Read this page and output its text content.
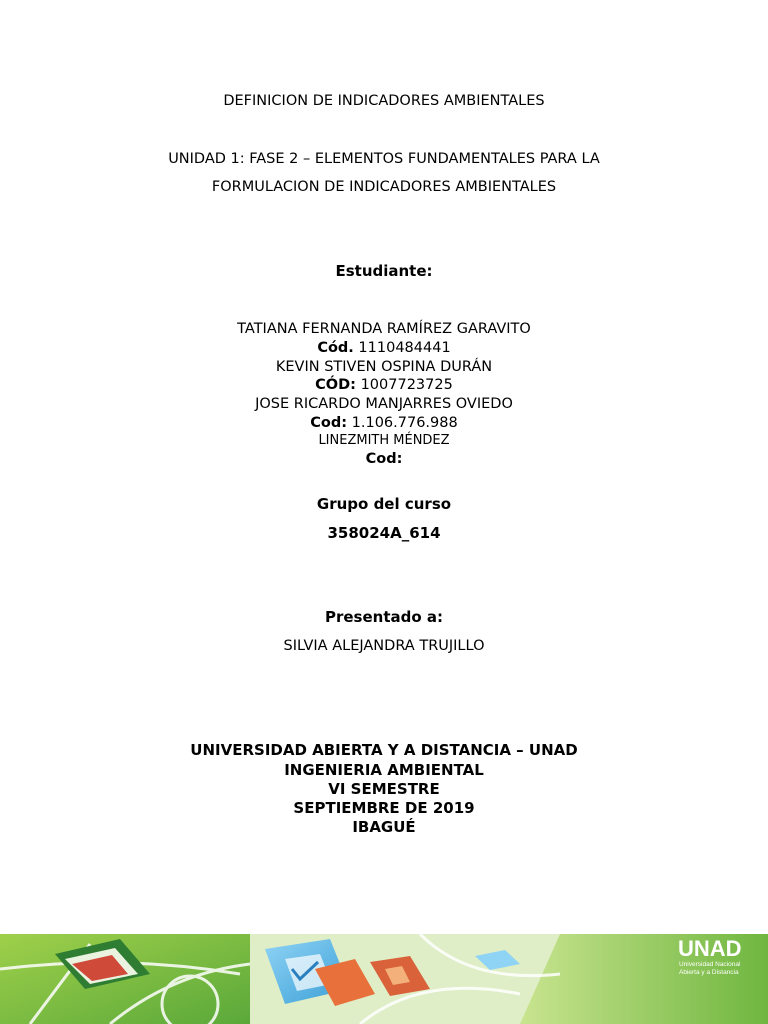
DEFINICION DE INDICADORES AMBIENTALES
UNIDAD 1: FASE 2 – ELEMENTOS FUNDAMENTALES PARA LA
FORMULACION DE INDICADORES AMBIENTALES
Estudiante:
TATIANA FERNANDA RAMÍREZ GARAVITO
Cód. 1110484441
KEVIN STIVEN OSPINA DURÁN
CÓD: 1007723725
JOSE RICARDO MANJARRES OVIEDO
Cod: 1.106.776.988
LINEZMITH MÉNDEZ
Cod:
Grupo del curso
358024A_614
Presentado a:
SILVIA ALEJANDRA TRUJILLO
UNIVERSIDAD ABIERTA Y A DISTANCIA – UNAD
INGENIERIA AMBIENTAL
VI SEMESTRE
SEPTIEMBRE DE 2019
IBAGUÉ
UNAD
Universidad Nacional
Abierta y a Distancia
